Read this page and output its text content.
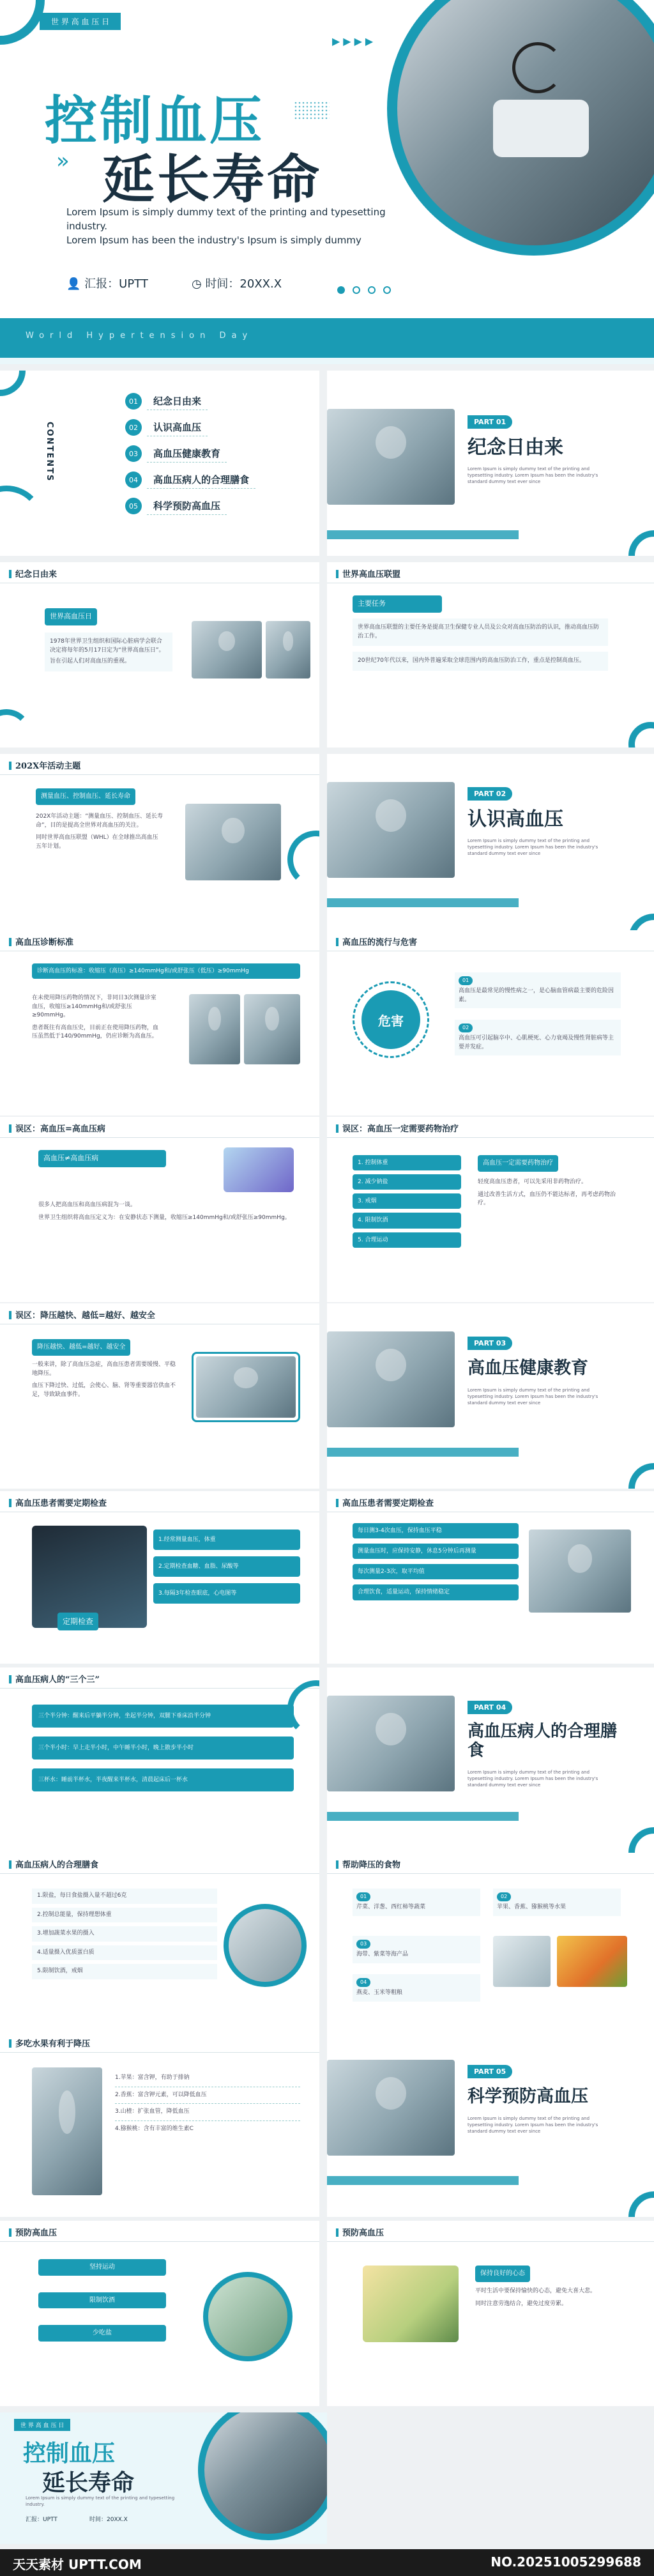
世 界 高 血 压 日
▶▶▶▶
控制血压
» 延长寿命
Lorem Ipsum is simply dummy text of the printing and typesetting industry.
Lorem Ipsum has been the industry's Ipsum is simply dummy
👤 汇报：UPTT	◷ 时间：20XX.X
World Hypertension Day
CONTENTS
01	纪念日由来
02	认识高血压
03	高血压健康教育
04	高血压病人的合理膳食
05	科学预防高血压
PART 01
纪念日由来
Lorem Ipsum is simply dummy text of the printing and typesetting industry. Lorem Ipsum has been the industry's standard dummy text ever since
纪念日由来
世界高血压日
1978年世界卫生组织和国际心脏病学会联合决定将每年的5月17日定为“世界高血压日”。
旨在引起人们对高血压的重视。
世界高血压联盟
主要任务
世界高血压联盟的主要任务是提高卫生保健专业人员及公众对高血压防治的认识，推动高血压防治工作。
20世纪70年代以来，国内外普遍采取全球范围内的高血压防治工作，重点是控制高血压。
202X年活动主题
测量血压、控制血压、延长寿命
202X年活动主题：“测量血压、控制血压、延长寿命”，目的是提高全世界对高血压的关注。
同时世界高血压联盟（WHL）在全球推出高血压五年计划。
PART 02
认识高血压
Lorem Ipsum is simply dummy text of the printing and typesetting industry. Lorem Ipsum has been the industry's standard dummy text ever since
高血压诊断标准
诊断高血压的标准：收缩压（高压）≥140mmHg和/或舒张压（低压）≥90mmHg
在未使用降压药物的情况下，非同日3次测量诊室血压，收缩压≥140mmHg和/或舒张压≥90mmHg。
患者既往有高血压史，目前正在使用降压药物，血压虽然低于140/90mmHg，仍应诊断为高血压。
高血压的流行与危害
危害
01
高血压是最常见的慢性病之一，是心脑血管病最主要的危险因素。
02
高血压可引起脑卒中、心肌梗死、心力衰竭及慢性肾脏病等主要并发症。
误区：高血压=高血压病
高血压≠高血压病
很多人把高血压和高血压病混为一谈。
世界卫生组织将高血压定义为：在安静状态下测量，收缩压≥140mmHg和/或舒张压≥90mmHg。
误区：高血压一定需要药物治疗
1. 控制体重
2. 减少钠盐
3. 戒烟
4. 限制饮酒
5. 合理运动
高血压一定需要药物治疗
轻度高血压患者，可以先采用非药物治疗。
通过改善生活方式，血压仍不能达标者，再考虑药物治疗。
误区：降压越快、越低=越好、越安全
降压越快、越低=越好、越安全
一般来讲，除了高血压急症，高血压患者需要缓慢、平稳地降压。
血压下降过快、过低，会使心、脑、肾等重要器官供血不足，导致缺血事件。
PART 03
高血压健康教育
Lorem Ipsum is simply dummy text of the printing and typesetting industry. Lorem Ipsum has been the industry's standard dummy text ever since
高血压患者需要定期检查
定期检查
1.经常测量血压，体重
2.定期检查血糖、血脂、尿酸等
3.每隔3年检查眼底，心电图等
高血压患者需要定期检查
每日测3-4次血压，保持血压平稳
测量血压时，应保持安静，休息5分钟后再测量
每次测量2-3次，取平均值
合理饮食，适量运动，保持情绪稳定
高血压病人的“三个三”
三个半分钟：醒来后平躺半分钟，坐起半分钟，双腿下垂床沿半分钟
三个半小时：早上走半小时，中午睡半小时，晚上散步半小时
三杯水：睡前半杯水，半夜醒来半杯水，清晨起床后一杯水
PART 04
高血压病人的合理膳食
Lorem Ipsum is simply dummy text of the printing and typesetting industry. Lorem Ipsum has been the industry's standard dummy text ever since
高血压病人的合理膳食
1.限盐，每日食盐摄入量不超过6克
2.控制总能量，保持理想体重
3.增加蔬菜水果的摄入
4.适量摄入优质蛋白质
5.限制饮酒，戒烟
帮助降压的食物
01
芹菜、洋葱、西红柿等蔬菜
02
苹果、香蕉、猕猴桃等水果
03
海带、紫菜等海产品
04
燕麦、玉米等粗粮
多吃水果有利于降压
1.苹果：富含钾，有助于排钠
2.香蕉：富含钾元素，可以降低血压
3.山楂：扩张血管，降低血压
4.猕猴桃：含有丰富的维生素C
PART 05
科学预防高血压
Lorem Ipsum is simply dummy text of the printing and typesetting industry. Lorem Ipsum has been the industry's standard dummy text ever since
预防高血压
坚持运动
限制饮酒
少吃盐
预防高血压
保持良好的心态
平时生活中要保持愉快的心态，避免大喜大悲。
同时注意劳逸结合，避免过度劳累。
世 界 高 血 压 日
控制血压
延长寿命
Lorem Ipsum is simply dummy text of the printing and typesetting industry.
汇报：UPTT	时间：20XX.X
天天素材 UPTT.COM	NO.20251005299688
